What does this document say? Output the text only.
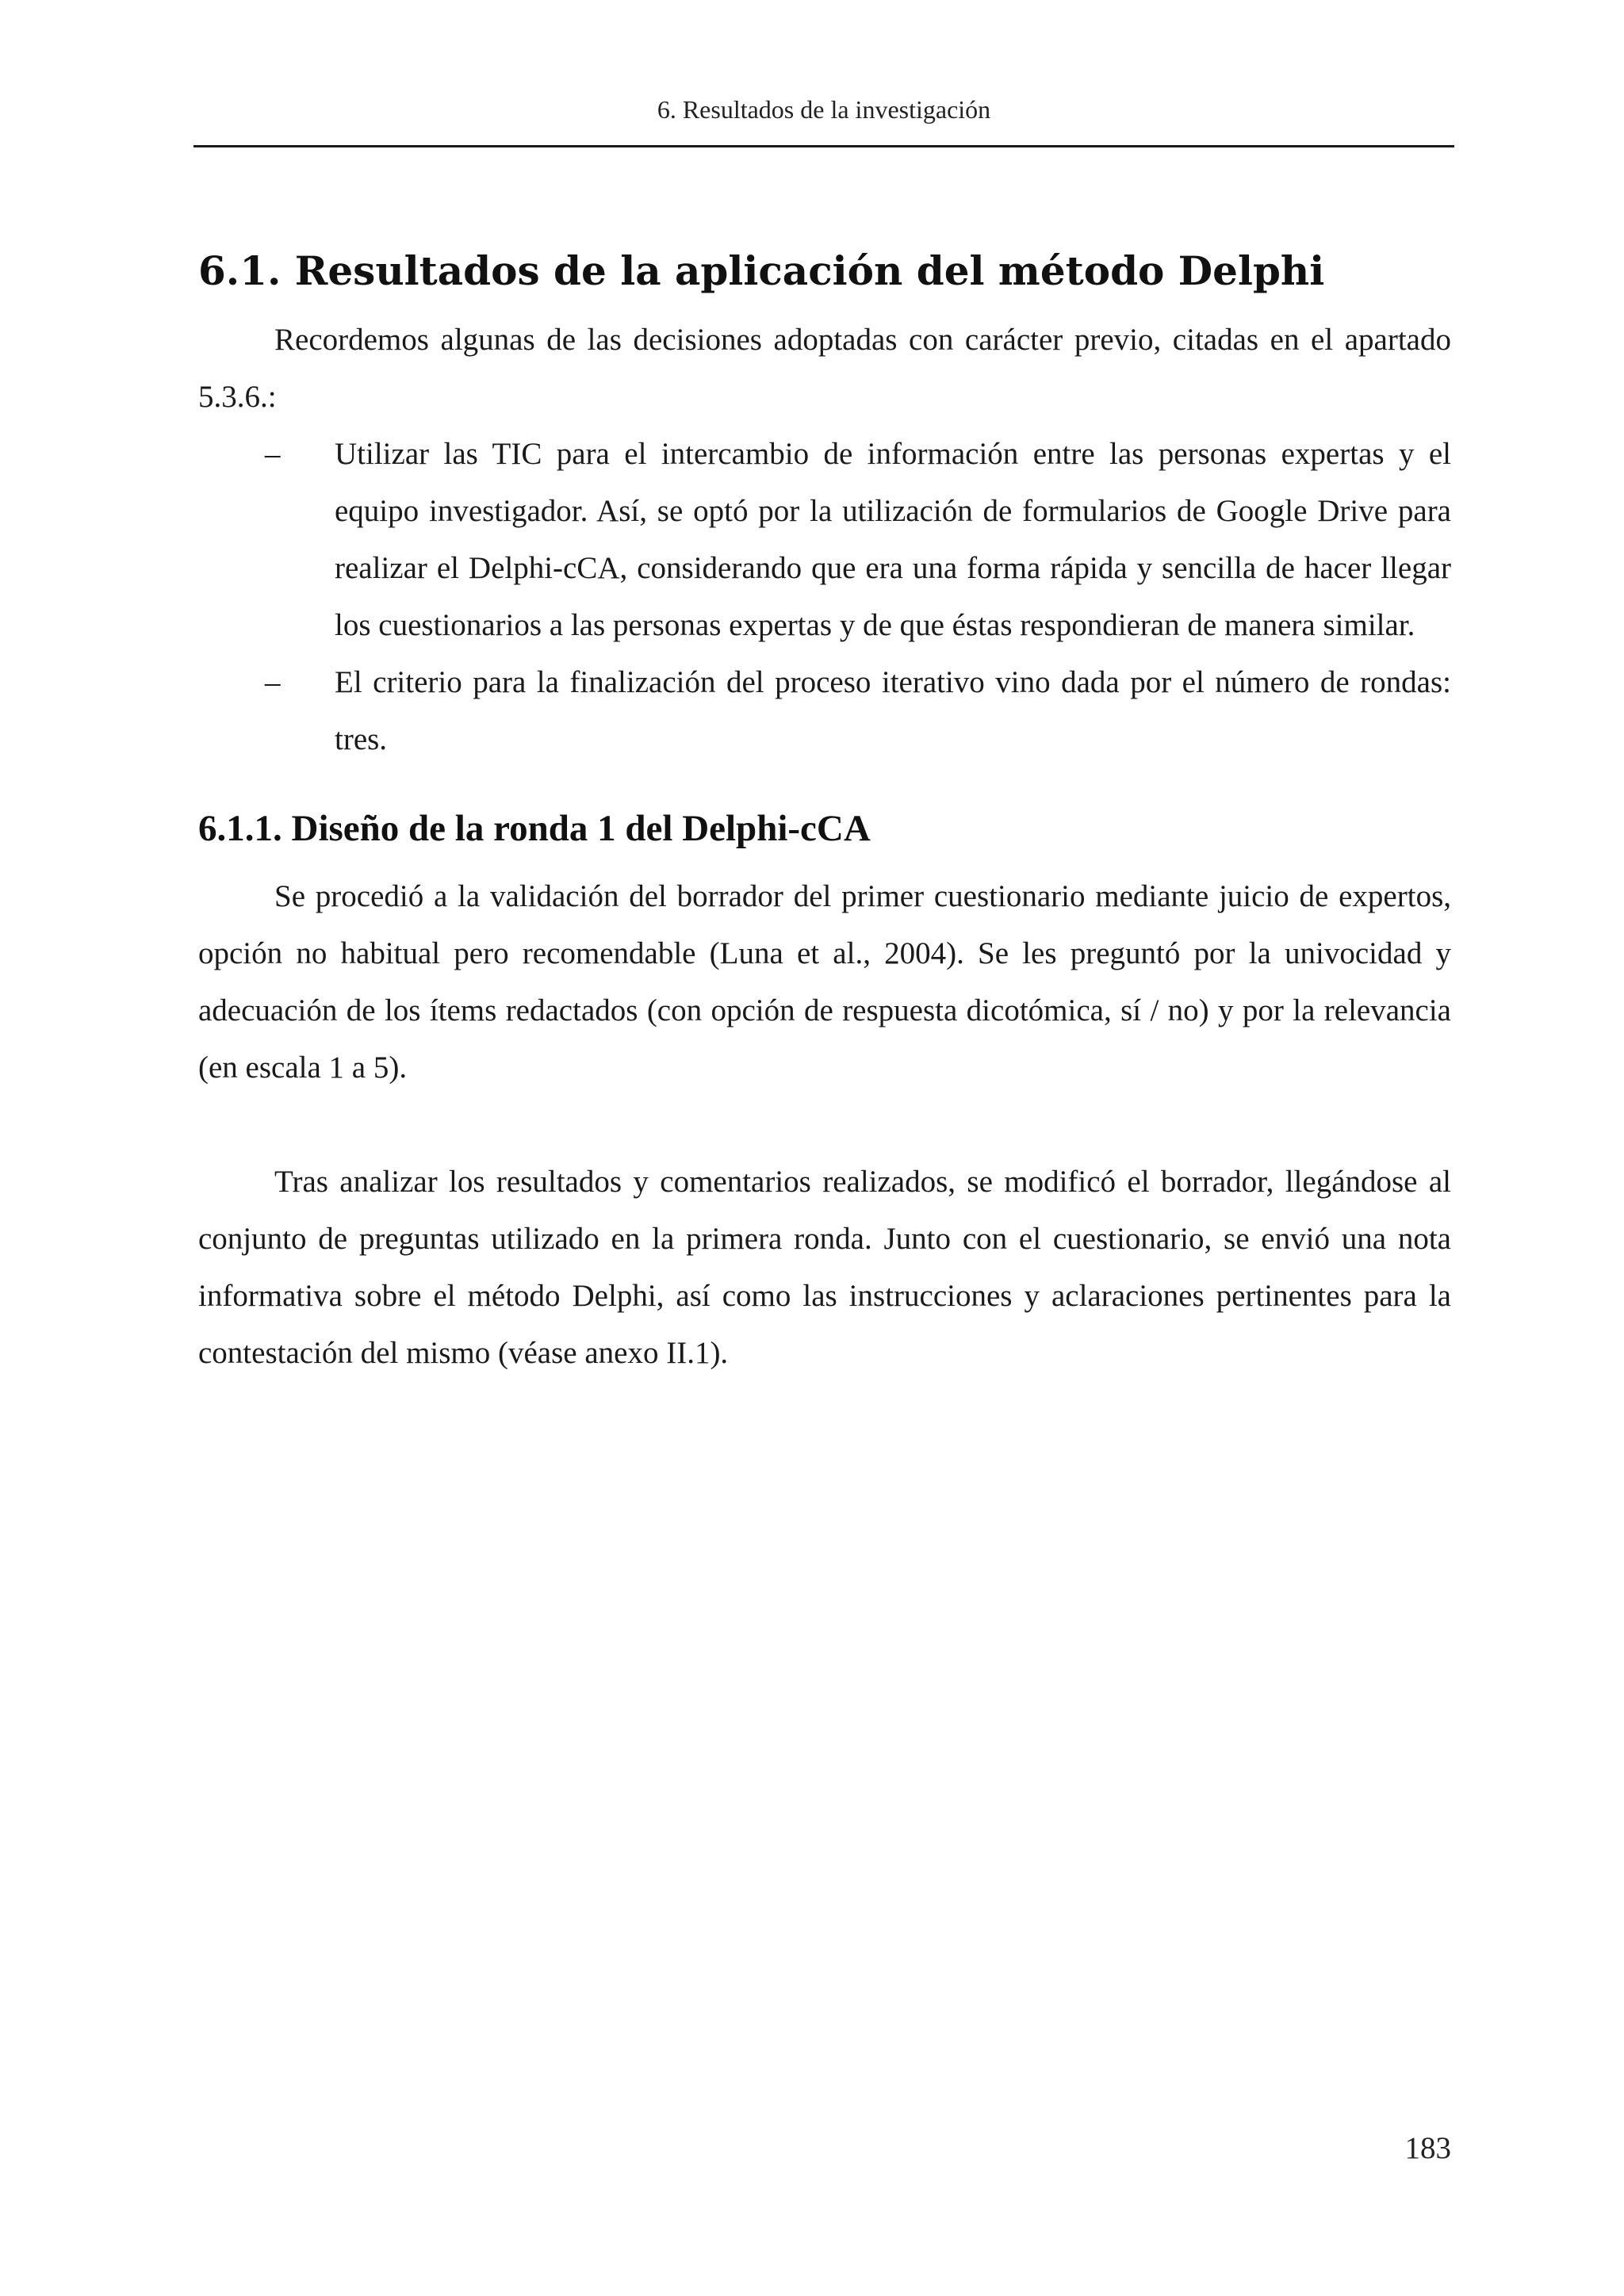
6. Resultados de la investigación
6.1. Resultados de la aplicación del método Delphi

Recordemos algunas de las decisiones adoptadas con carácter previo, citadas en el apartado 5.3.6.:

– Utilizar las TIC para el intercambio de información entre las personas expertas y el equipo investigador. Así, se optó por la utilización de formularios de Google Drive para realizar el Delphi-cCA, considerando que era una forma rápida y sencilla de hacer llegar los cuestionarios a las personas expertas y de que éstas respondieran de manera similar.
– El criterio para la finalización del proceso iterativo vino dada por el número de rondas: tres.
6.1.1. Diseño de la ronda 1 del Delphi-cCA

Se procedió a la validación del borrador del primer cuestionario mediante juicio de expertos, opción no habitual pero recomendable (Luna et al., 2004). Se les preguntó por la univocidad y adecuación de los ítems redactados (con opción de respuesta dicotómica, sí / no) y por la relevancia (en escala 1 a 5).

Tras analizar los resultados y comentarios realizados, se modificó el borrador, llegándose al conjunto de preguntas utilizado en la primera ronda. Junto con el cuestionario, se envió una nota informativa sobre el método Delphi, así como las instrucciones y aclaraciones pertinentes para la contestación del mismo (véase anexo II.1).

183
